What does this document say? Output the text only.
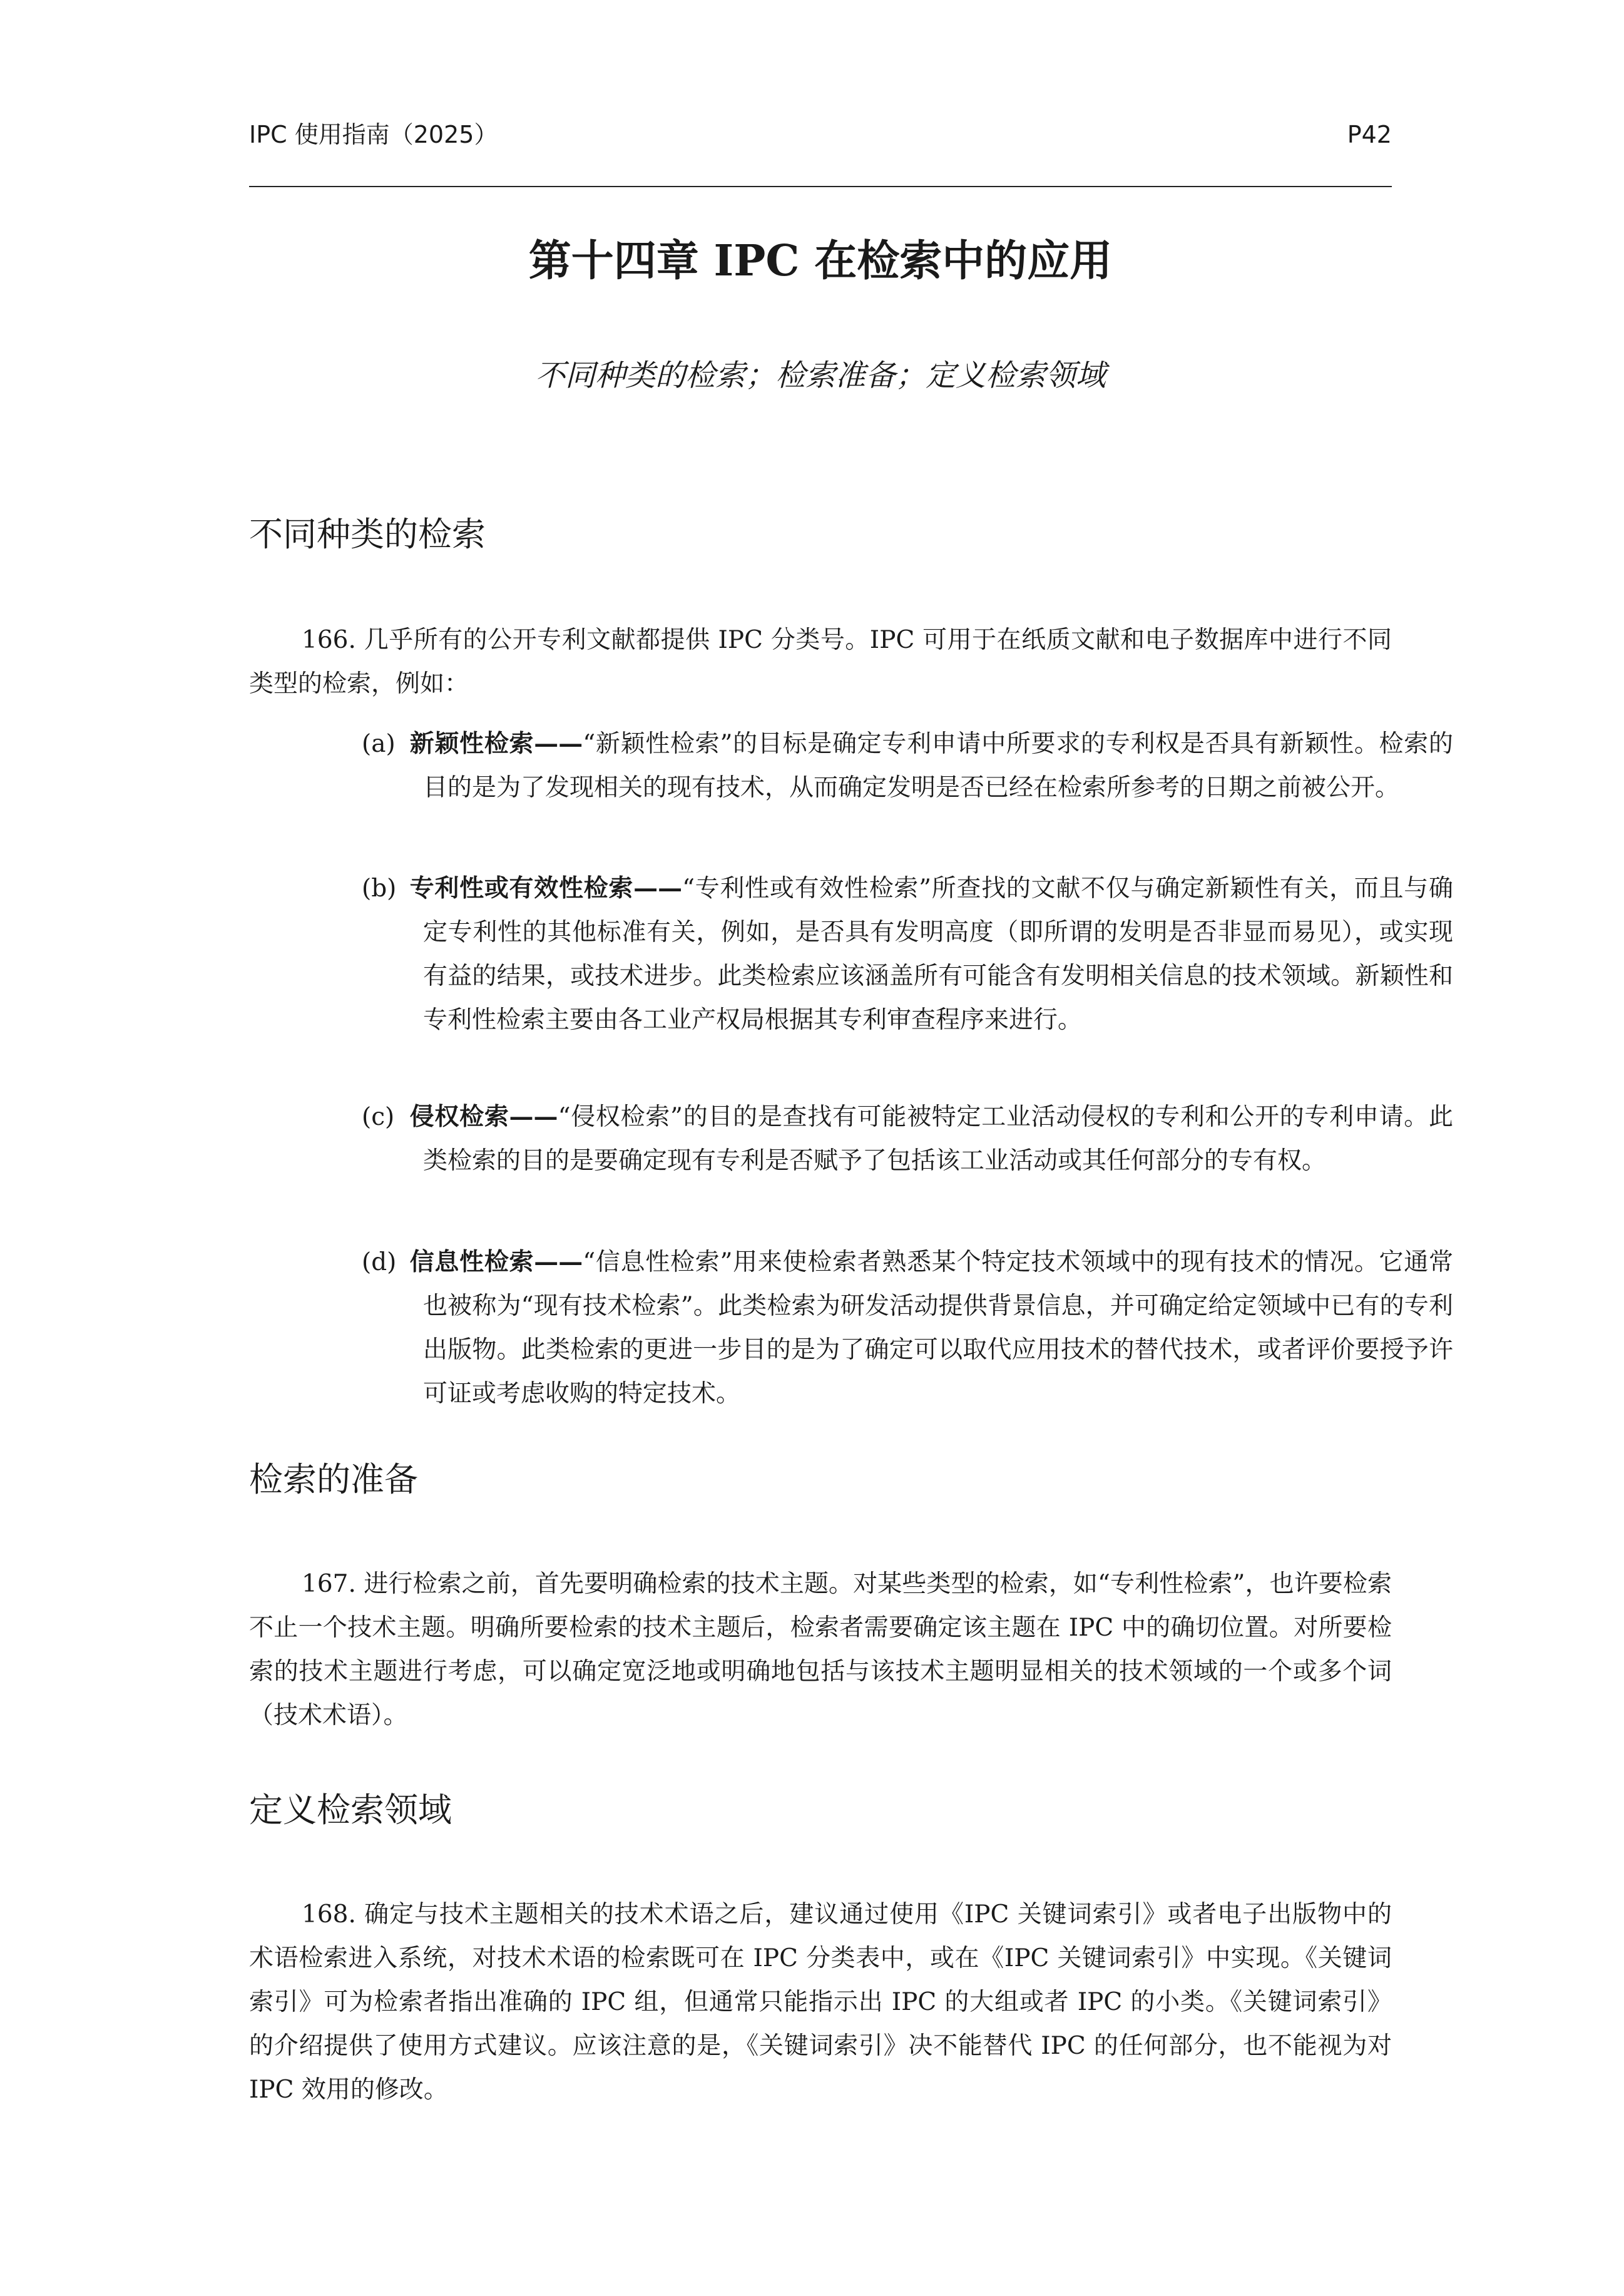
IPC 使用指南（2025）	P42
第十四章 IPC 在检索中的应用
不同种类的检索；检索准备；定义检索领域
不同种类的检索

166. 几乎所有的公开专利文献都提供 IPC 分类号。IPC 可用于在纸质文献和电子数据库中进行不同类型的检索，例如：

(a) 新颖性检索——“新颖性检索”的目标是确定专利申请中所要求的专利权是否具有新颖性。检索的目的是为了发现相关的现有技术，从而确定发明是否已经在检索所参考的日期之前被公开。

(b) 专利性或有效性检索——“专利性或有效性检索”所查找的文献不仅与确定新颖性有关，而且与确定专利性的其他标准有关，例如，是否具有发明高度（即所谓的发明是否非显而易见），或实现有益的结果，或技术进步。此类检索应该涵盖所有可能含有发明相关信息的技术领域。新颖性和专利性检索主要由各工业产权局根据其专利审查程序来进行。

(c) 侵权检索——“侵权检索”的目的是查找有可能被特定工业活动侵权的专利和公开的专利申请。此类检索的目的是要确定现有专利是否赋予了包括该工业活动或其任何部分的专有权。

(d) 信息性检索——“信息性检索”用来使检索者熟悉某个特定技术领域中的现有技术的情况。它通常也被称为“现有技术检索”。此类检索为研发活动提供背景信息，并可确定给定领域中已有的专利出版物。此类检索的更进一步目的是为了确定可以取代应用技术的替代技术，或者评价要授予许可证或考虑收购的特定技术。

检索的准备

167. 进行检索之前，首先要明确检索的技术主题。对某些类型的检索，如“专利性检索”，也许要检索不止一个技术主题。明确所要检索的技术主题后，检索者需要确定该主题在 IPC 中的确切位置。对所要检索的技术主题进行考虑，可以确定宽泛地或明确地包括与该技术主题明显相关的技术领域的一个或多个词（技术术语）。

定义检索领域

168. 确定与技术主题相关的技术术语之后，建议通过使用《IPC 关键词索引》或者电子出版物中的术语检索进入系统，对技术术语的检索既可在 IPC 分类表中，或在《IPC 关键词索引》中实现。《关键词索引》可为检索者指出准确的 IPC 组，但通常只能指示出 IPC 的大组或者 IPC 的小类。《关键词索引》的介绍提供了使用方式建议。应该注意的是，《关键词索引》决不能替代 IPC 的任何部分，也不能视为对 IPC 效用的修改。
